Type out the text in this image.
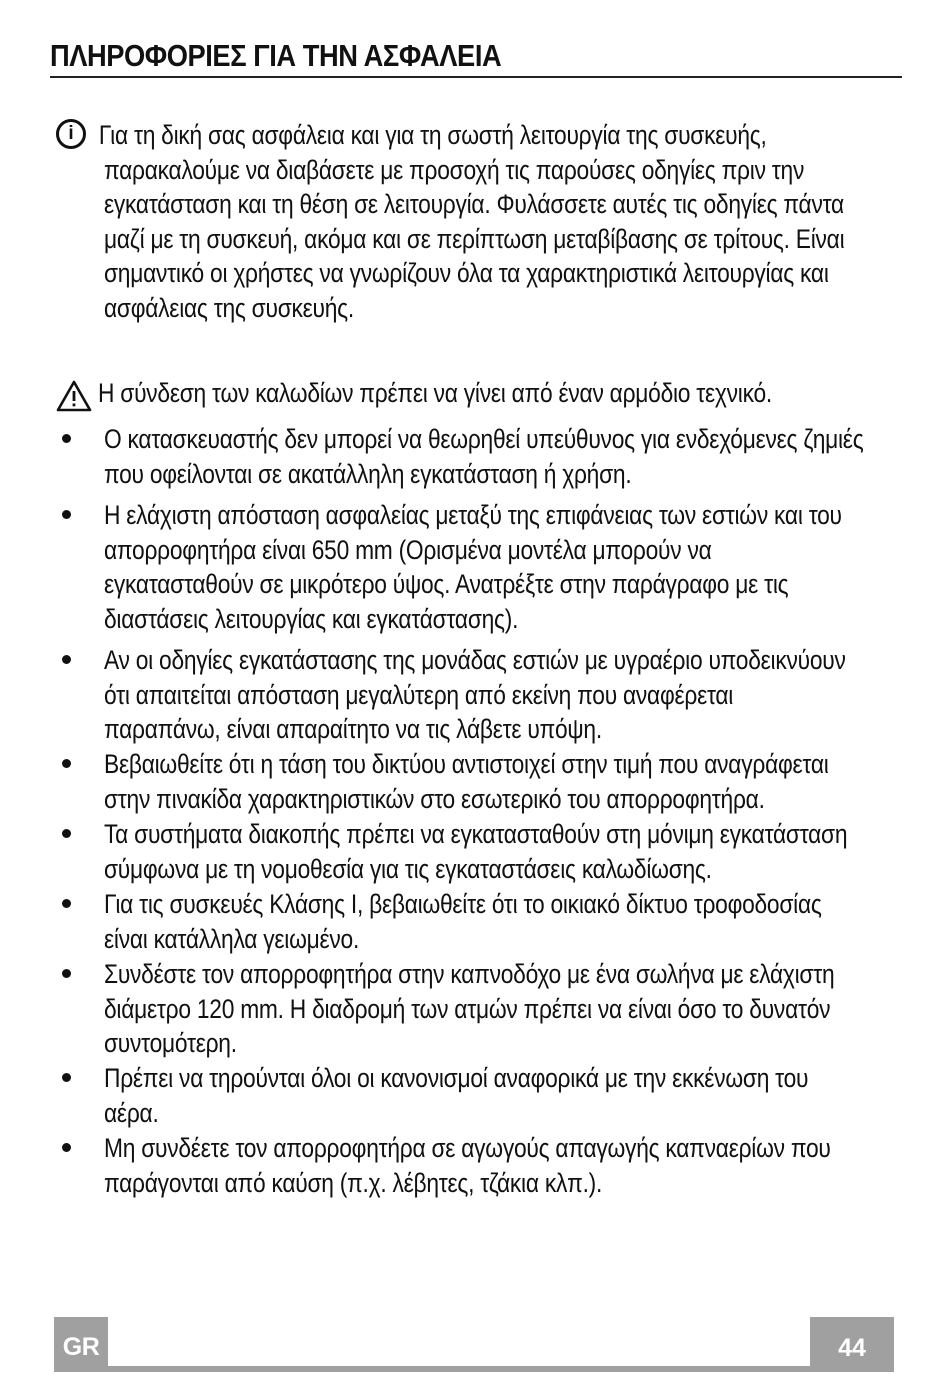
ΠΛΗΡΟΦΟΡΙΕΣ ΓΙΑ ΤΗΝ ΑΣΦΑΛΕΙΑ
i Για τη δική σας ασφάλεια και για τη σωστή λειτουργία της συσκευής,
παρακαλούμε να διαβάσετε με προσοχή τις παρούσες οδηγίες πριν την
εγκατάσταση και τη θέση σε λειτουργία. Φυλάσσετε αυτές τις οδηγίες πάντα
μαζί με τη συσκευή, ακόμα και σε περίπτωση μεταβίβασης σε τρίτους. Είναι
σημαντικό οι χρήστες να γνωρίζουν όλα τα χαρακτηριστικά λειτουργίας και
ασφάλειας της συσκευής.
Η σύνδεση των καλωδίων πρέπει να γίνει από έναν αρμόδιο τεχνικό.
Ο κατασκευαστής δεν μπορεί να θεωρηθεί υπεύθυνος για ενδεχόμενες ζημιές
που οφείλονται σε ακατάλληλη εγκατάσταση ή χρήση.
Η ελάχιστη απόσταση ασφαλείας μεταξύ της επιφάνειας των εστιών και του
απορροφητήρα είναι 650 mm (Ορισμένα μοντέλα μπορούν να
εγκατασταθούν σε μικρότερο ύψος. Ανατρέξτε στην παράγραφο με τις
διαστάσεις λειτουργίας και εγκατάστασης).
Αν οι οδηγίες εγκατάστασης της μονάδας εστιών με υγραέριο υποδεικνύουν
ότι απαιτείται απόσταση μεγαλύτερη από εκείνη που αναφέρεται
παραπάνω, είναι απαραίτητο να τις λάβετε υπόψη.
Βεβαιωθείτε ότι η τάση του δικτύου αντιστοιχεί στην τιμή που αναγράφεται
στην πινακίδα χαρακτηριστικών στο εσωτερικό του απορροφητήρα.
Τα συστήματα διακοπής πρέπει να εγκατασταθούν στη μόνιμη εγκατάσταση
σύμφωνα με τη νομοθεσία για τις εγκαταστάσεις καλωδίωσης.
Για τις συσκευές Κλάσης I, βεβαιωθείτε ότι το οικιακό δίκτυο τροφοδοσίας
είναι κατάλληλα γειωμένο.
Συνδέστε τον απορροφητήρα στην καπνοδόχο με ένα σωλήνα με ελάχιστη
διάμετρο 120 mm. Η διαδρομή των ατμών πρέπει να είναι όσο το δυνατόν
συντομότερη.
Πρέπει να τηρούνται όλοι οι κανονισμοί αναφορικά με την εκκένωση του
αέρα.
Μη συνδέετε τον απορροφητήρα σε αγωγούς απαγωγής καπναερίων που
παράγονται από καύση (π.χ. λέβητες, τζάκια κλπ.).
GR	44
